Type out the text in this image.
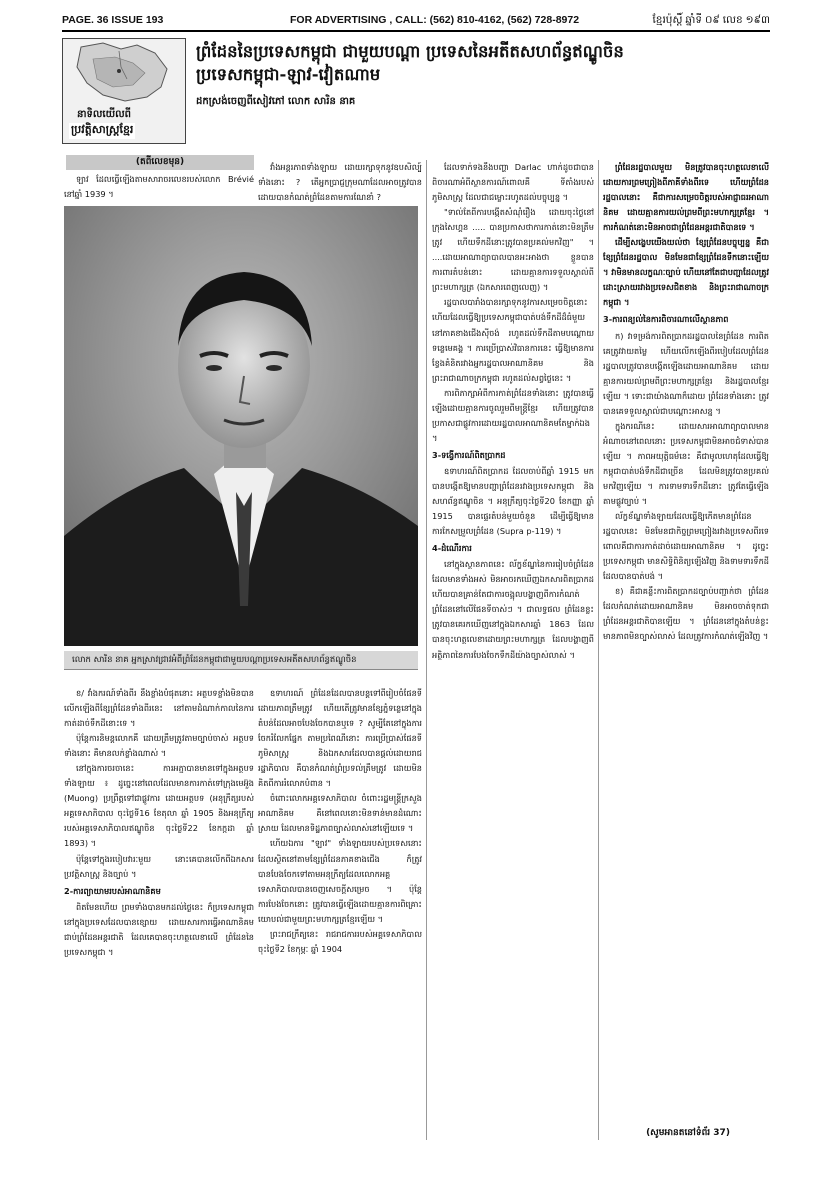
PAGE. 36 ISSUE 193	FOR ADVERTISING , CALL: (562) 810-4162, (562) 728-8972	ខ្មែរប៉ុស្ដិ៍ ឆ្នាំទី ០៩ លេខ ១៩៣
នាទិលយើលពី
ប្រវត្តិសាស្ត្រខ្មែរ
ព្រំដែននៃប្រទេសកម្ពុជា ជាមួយបណ្ដា ប្រទេសនៃអតីតសហព័ន្ធឥណ្ឌូចិន
ប្រទេសកម្ពុជា-ឡាវ-វៀតណាម
ដកស្រង់ចេញពីសៀវភៅ លោក សារិន នាគ
(តពីលេខមុន)

ឡាវ ដែលធ្វើឡើងតាមសារាចរលេខរបស់លោក Brévié នៅឆ្នាំ 1939 ។

វាំងអន្តរភាពទាំងឡាយ ដោយរក្សាទុកនូវឧបសិល្ប៍ទាំងនោះ ? តើអ្នកប្រាជ្ញក្រុមណាដែលអាចត្រូវបាន ដោយបានកំណត់ព្រំដែនតាមការណែនាំ ?

លោក សារិន នាគ អ្នកស្រាវជ្រាវអំពីព្រំដែនកម្ពុជាជាមួយបណ្ដាប្រទេសអតីតសហព័ន្ធឥណ្ឌូចិន

ខ/ វាំងករណ៍ទាំងពីរ នឹងខ្លាំងបំផុតនោះ អត្ថបទខ្លាំងមិនបានលើកឡើងពីខ្សែព្រំដែនទាំងពីរនេះ នៅតាមដំណាក់កាលនៃការកាត់ដាច់ទឹកដីនោះទេ ។

ប៉ុន្តែការនិមន្តលោកគឺ ដោយត្រឹមត្រូវតាមច្បាប់ចាស់ អត្ថបទទាំងនោះ គឺមានលក់ខ្លាំងណាស់ ។

នៅក្នុងការចរចានេះ ការអភ្ជាបានមានទៅក្នុងអត្ថបទទាំងឡាយ ៖ ដូច្នេះនៅពេលដែលមានការកាត់ទៅក្រុងមេអ៊ួង (Muong) ប្រព្រឹត្តទៅជាផ្លូវការ ដោយអត្ថបទ (អនុក្រឹត្យរបស់អគ្គទេសាភិបាល ចុះថ្ងៃទី16 ខែតុលា ឆ្នាំ 1905 និងអនុក្រឹត្យរបស់អគ្គទេសាភិបាលឥណ្ឌូចិន ចុះថ្ងៃទី22 ខែកក្កដា ឆ្នាំ 1893) ។

ប៉ុន្តែទៅក្នុងរបៀបវារៈមួយ នោះគេបានលើកពីឯកសារប្រវត្តិសាស្ត្រ និងច្បាប់ ។

2-ការព្យាយាមរបស់អាណានិគម

ពិតមែនហើយ ព្រមទាំងបានមកដល់ថ្ងៃនេះ ក៏ប្រទេសកម្ពុជា នៅក្នុងប្រទេសដែលបានខ្សោយ ដោយសារការធ្វើអាណានិគម ជាប់ព្រំដែនអន្តរជាតិ ដែលគេបានចុះហត្ថលេខាលើ ព្រំដែននៃប្រទេសកម្ពុជា ។

ឧទាហរណ៍ ព្រំដែនដែលបានបន្តទៅពីរៀបចំផែនទីដោយភាពត្រឹមត្រូវ ហើយតើត្រូវមានខ្សែភ្នំទន្លេនៅក្នុងតំបន់ដែលអាចបែងចែកបានឬទេ ? សូម្បីតែនៅក្នុងការចែករំលែកផ្នែក តាមប្រពៃណីនោះ ការប្រើប្រាស់ផែនទីភូមិសាស្ត្រ និងឯកសារដែលបានផ្ដល់ដោយរាជរដ្ឋាភិបាល គឺបានកំណត់ព្រំប្រទល់ត្រឹមត្រូវ ដោយមិនគិតពីការរំលោភបំពាន ។

ចំពោះលោកអគ្គទេសាភិបាល ចំពោះរដ្ឋមន្ត្រីក្រសួងអាណានិគម គឺនៅពេលនោះមិនទាន់មានដំណោះស្រាយ ដែលមានទិដ្ឋភាពច្បាស់លាស់នៅឡើយទេ ។

ហើយឯការ "ឡាវ" ទាំងឡាយរបស់ប្រទេសនោះ ដែលស្ថិតនៅតាមខ្សែព្រំដែនភាគខាងជើង ក៏ត្រូវបានបែងចែកទៅតាមអនុក្រឹត្យដែលលោកអគ្គទេសាភិបាលបានចេញសេចក្ដីសម្រេច ។ ប៉ុន្តែការបែងចែកនោះ ត្រូវបានធ្វើឡើងដោយគ្មានការពិគ្រោះយោបល់ជាមួយព្រះមហាក្សត្រខ្មែរឡើយ ។

ព្រះរាជក្រឹត្យនេះ រាជរាជការរបស់អគ្គទេសាភិបាល ចុះថ្ងៃទី2 ខែកុម្ភៈ ឆ្នាំ 1904

ដែលទាក់ទងនឹងបញ្ហា Darlac ហាក់ដូចជាបានពិចារណាអំពីស្ថានការណ៍ពោលគឺ ទីតាំងរបស់ភូមិសាស្ត្រ ដែលជាជម្លោះរហូតដល់បច្ចុប្បន្ន ។

"ទាល់តែពីការបង្កើតសំណុំរឿង ដោយចុះថ្ងៃនៅក្រុងសៃហ្គន ..... បានប្រកាសថាការកាត់នោះមិនត្រឹមត្រូវ ហើយទឹកដីនោះត្រូវបានប្រគល់មកវិញ" ។ ....ដោយអាណាព្យាបាលបានអះអាងថា ខ្លួនបានការពារតំបន់នោះ ដោយគ្មានការទទួលស្គាល់ពីព្រះមហាក្សត្រ (ឯកសារពេញលេញ) ។

រដ្ឋបាលបារាំងបានរក្សាទុកនូវការសម្រេចចិត្តនោះ ហើយដែលធ្វើឱ្យប្រទេសកម្ពុជាបាត់បង់ទឹកដីដ៏ធំមួយ នៅភាគខាងជើងស៊ីចង់ រហូតដល់ទឹកដីតាមបណ្ដោយទន្លេមេគង្គ ។ ការប្រើប្រាស់វិធានការនេះ ធ្វើឱ្យមានការខ្វែងគំនិតរវាងអ្នករដ្ឋបាលអាណានិគម និងព្រះរាជាណាចក្រកម្ពុជា រហូតដល់សព្វថ្ងៃនេះ ។

ការពិភាក្សាអំពីការកាត់ព្រំដែនទាំងនោះ ត្រូវបានធ្វើឡើងដោយគ្មានការចូលរួមពីមន្ត្រីខ្មែរ ហើយត្រូវបានប្រកាសជាផ្លូវការដោយរដ្ឋបាលអាណានិគមតែម្នាក់ឯង ។

3-ទង្វើការណ៍ពិតប្រាកដ

ឧទាហរណ៍ពិតប្រាកដ ដែលចាប់ពីឆ្នាំ 1915 មក បានបង្កើតឱ្យមានបញ្ហាព្រំដែនរវាងប្រទេសកម្ពុជា និងសហព័ន្ធឥណ្ឌូចិន ។ អនុក្រឹត្យចុះថ្ងៃទី20 ខែកញ្ញា ឆ្នាំ 1915 បានផ្ទេរតំបន់មួយចំនួន ដើម្បីធ្វើឱ្យមានការកែសម្រួលព្រំដែន (Supra p-119) ។

4-ដំណើរការ

នៅក្នុងស្ថានភាពនេះ ល័ក្ខខ័ណ្ឌនៃការរៀបចំព្រំដែនដែលមានទាំងអស់ មិនអាចរកឃើញឯកសារពិតប្រាកដ ហើយបានគ្រាន់តែជាការចង្អុលបង្ហាញពីការកំណត់ព្រំដែននៅលើផែនទីចាស់ៗ ។ ជាលទ្ធផល ព្រំដែនខ្លះត្រូវបានគេរកឃើញនៅក្នុងឯកសារឆ្នាំ 1863 ដែលបានចុះហត្ថលេខាដោយព្រះមហាក្សត្រ ដែលបង្ហាញពីអត្ថិភាពនៃការបែងចែកទឹកដីយ៉ាងច្បាស់លាស់ ។

ព្រំដែនរដ្ឋបាលមួយ មិនត្រូវបានចុះហត្ថលេខាលើដោយការព្រមព្រៀងពីភាគីទាំងពីរទេ ហើយព្រំដែនរដ្ឋបាលនោះ គឺជាការសម្រេចចិត្តរបស់អាជ្ញាធរអាណានិគម ដោយគ្មានការយល់ព្រមពីព្រះមហាក្សត្រខ្មែរ ។ ការកំណត់នោះមិនអាចជាព្រំដែនអន្តរជាតិបានទេ ។

ដើម្បីសង្ខេបយើងយល់ថា ខ្សែព្រំដែនបច្ចុប្បន្ន គឺជាខ្សែព្រំដែនរដ្ឋបាល មិនមែនជាខ្សែព្រំដែនទឹកនោះឡើយ ។ វាមិនមានលក្ខណៈច្បាប់ ហើយនៅតែជាបញ្ហាដែលត្រូវដោះស្រាយរវាងប្រទេសជិតខាង និងព្រះរាជាណាចក្រកម្ពុជា ។

3-ការពន្យល់នៃការពិចារណាលើស្ថានភាព

ក) វាទម្រង់ការពិតប្រាកដរដ្ឋបាលនៃព្រំដែន ការពិតគេត្រូវវាយតម្លៃ ហើយលើកឡើងពីរបៀបដែលព្រំដែនរដ្ឋបាលត្រូវបានបង្កើតឡើងដោយអាណានិគម ដោយគ្មានការយល់ព្រមពីព្រះមហាក្សត្រខ្មែរ និងរដ្ឋបាលខ្មែរឡើយ ។ ទោះជាយ៉ាងណាក៏ដោយ ព្រំដែនទាំងនោះ ត្រូវបានគេទទួលស្គាល់ជាបណ្ដោះអាសន្ន ។

ក្នុងករណីនេះ ដោយសារអាណាព្យាបាលមានអំណាចនៅពេលនោះ ប្រទេសកម្ពុជាមិនអាចជំទាស់បានឡើយ ។ ភាពអយុត្តិធម៌នេះ គឺជាមូលហេតុដែលធ្វើឱ្យកម្ពុជាបាត់បង់ទឹកដីជាច្រើន ដែលមិនត្រូវបានប្រគល់មកវិញឡើយ ។ ការទាមទារទឹកដីនោះ ត្រូវតែធ្វើឡើងតាមផ្លូវច្បាប់ ។

ល័ក្ខខ័ណ្ឌទាំងឡាយដែលធ្វើឱ្យកើតមានព្រំដែនរដ្ឋបាលនេះ មិនមែនជាកិច្ចព្រមព្រៀងរវាងប្រទេសពីរទេ ពោលគឺជាការកាត់ដាច់ដោយអាណានិគម ។ ដូច្នេះប្រទេសកម្ពុជា មានសិទ្ធិពិនិត្យឡើងវិញ និងទាមទារទឹកដីដែលបានបាត់បង់ ។

ខ) គឺជាគន្លឹះការពិតប្រាកដច្បាប់បញ្ជាក់ថា ព្រំដែនដែលកំណត់ដោយអាណានិគម មិនអាចចាត់ទុកជាព្រំដែនអន្តរជាតិបានឡើយ ។ ព្រំដែននៅក្នុងតំបន់ខ្លះ មានភាពមិនច្បាស់លាស់ ដែលត្រូវការកំណត់ឡើងវិញ ។

(សូមអានតនៅទំព័រ 37)
